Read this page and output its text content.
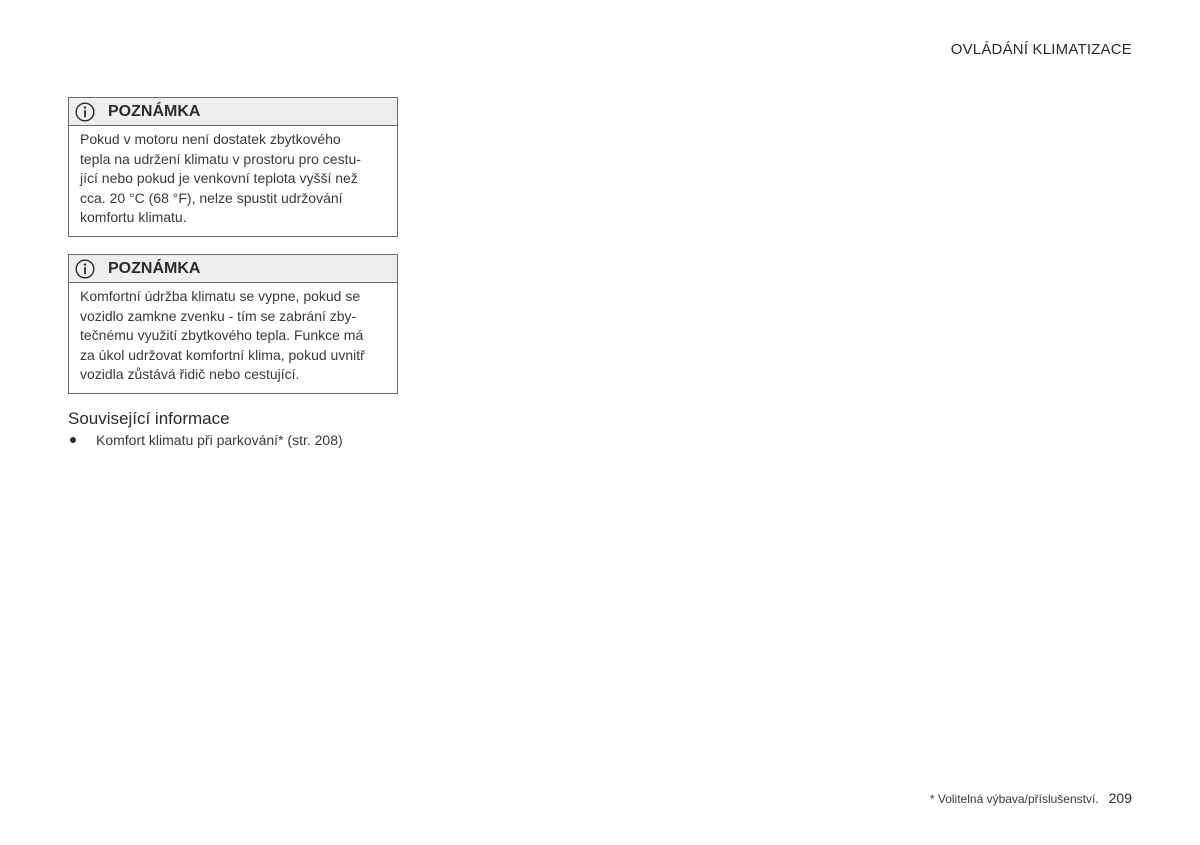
OVLÁDÁNÍ KLIMATIZACE
POZNÁMKA
Pokud v motoru není dostatek zbytkového
tepla na udržení klimatu v prostoru pro cestu-
jící nebo pokud je venkovní teplota vyšší než
cca. 20 °C (68 °F), nelze spustit udržování
komfortu klimatu.
POZNÁMKA
Komfortní údržba klimatu se vypne, pokud se
vozidlo zamkne zvenku - tím se zabrání zby-
tečnému využití zbytkového tepla. Funkce má
za úkol udržovat komfortní klima, pokud uvnitř
vozidla zůstává řidič nebo cestující.
Související informace
Komfort klimatu při parkování* (str. 208)
* Volitelná výbava/příslušenství. 209
